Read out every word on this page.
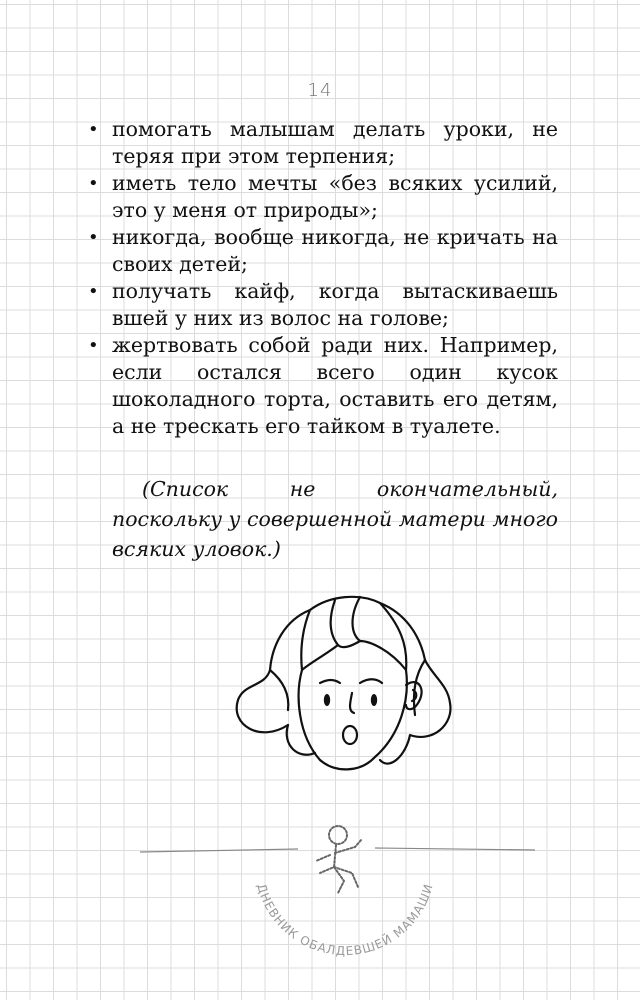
14
• помогать малышам делать уроки, не теряя при этом терпения;
• иметь тело мечты «без всяких усилий, это у меня от природы»;
• никогда, вообще никогда, не кричать на своих детей;
• получать кайф, когда вытаскиваешь вшей у них из волос на голове;
• жертвовать собой ради них. Например, если остался всего один кусок шоколадного торта, оставить его детям, а не трескать его тайком в туалете.
(Список не окончательный, поскольку у совершенной матери много всяких уловок.)
ДНЕВНИК ОБАЛДЕВШЕЙ МАМАШИ
